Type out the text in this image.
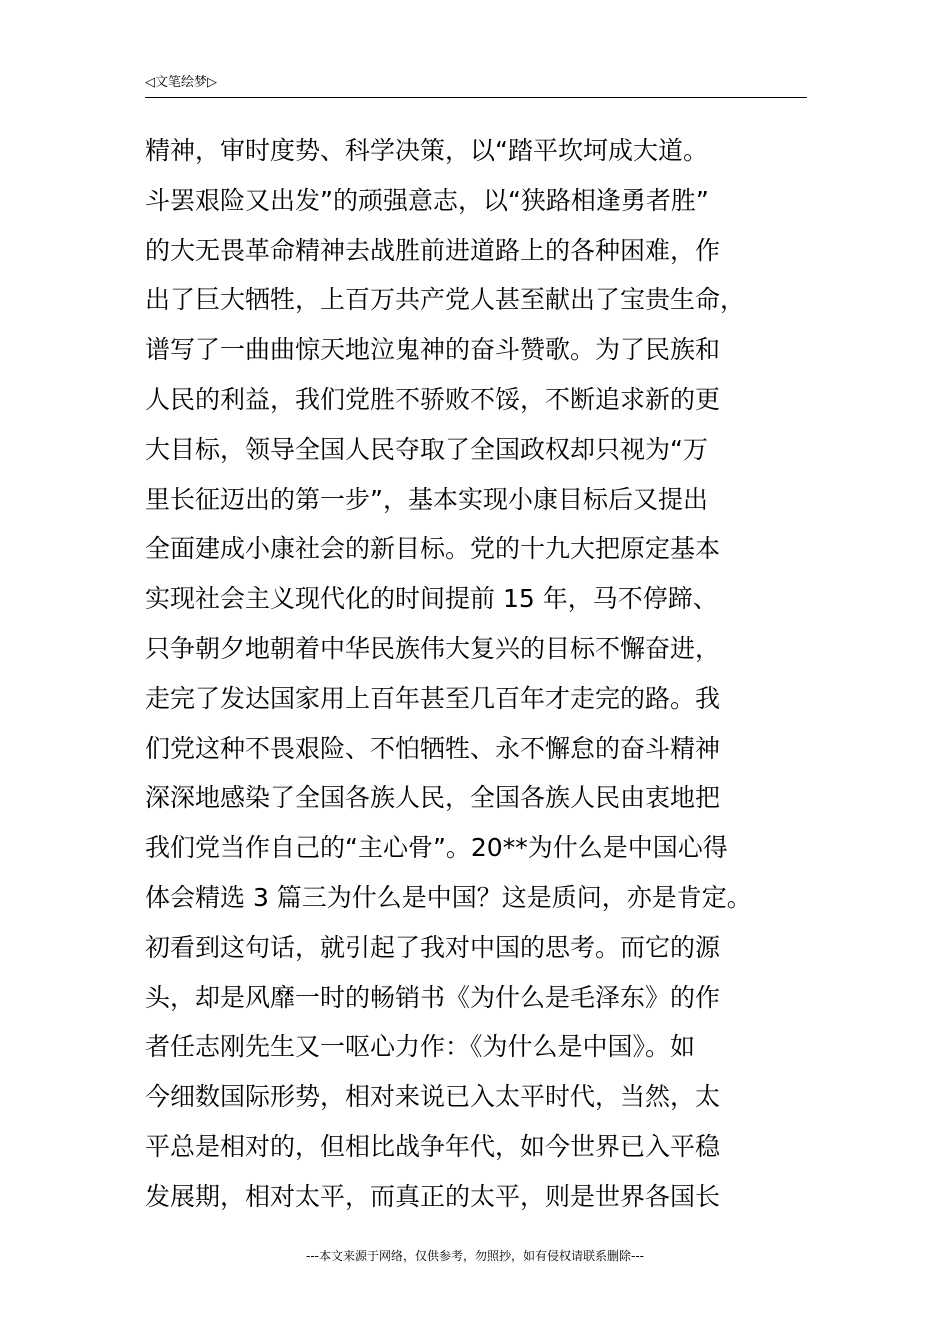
◁文笔绘梦▷
精神，审时度势、科学决策，以“踏平坎坷成大道。
斗罢艰险又出发”的顽强意志，以“狭路相逢勇者胜”
的大无畏革命精神去战胜前进道路上的各种困难，作
出了巨大牺牲，上百万共产党人甚至献出了宝贵生命，
谱写了一曲曲惊天地泣鬼神的奋斗赞歌。为了民族和
人民的利益，我们党胜不骄败不馁，不断追求新的更
大目标，领导全国人民夺取了全国政权却只视为“万
里长征迈出的第一步”，基本实现小康目标后又提出
全面建成小康社会的新目标。党的十九大把原定基本
实现社会主义现代化的时间提前 15 年，马不停蹄、
只争朝夕地朝着中华民族伟大复兴的目标不懈奋进，
走完了发达国家用上百年甚至几百年才走完的路。我
们党这种不畏艰险、不怕牺牲、永不懈怠的奋斗精神
深深地感染了全国各族人民，全国各族人民由衷地把
我们党当作自己的“主心骨”。20**为什么是中国心得
体会精选 3 篇三为什么是中国？这是质问，亦是肯定。
初看到这句话，就引起了我对中国的思考。而它的源
头，却是风靡一时的畅销书《为什么是毛泽东》的作
者任志刚先生又一呕心力作：《为什么是中国》。如
今细数国际形势，相对来说已入太平时代，当然，太
平总是相对的，但相比战争年代，如今世界已入平稳
发展期，相对太平，而真正的太平，则是世界各国长
---本文来源于网络，仅供参考，勿照抄，如有侵权请联系删除---
